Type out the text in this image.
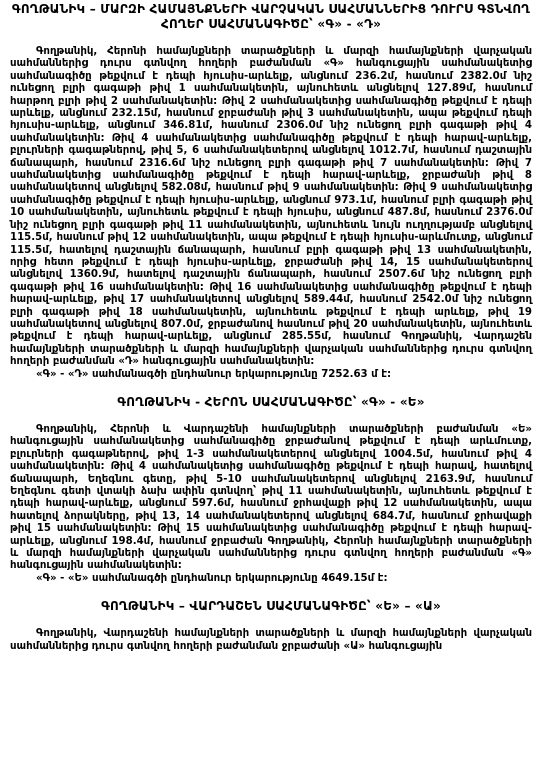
ԳՈՂԹԱՆԻԿ – ՄԱՐԶԻ ՀԱՄԱՅՆՔՆԵՐԻ ՎԱՐՉԱԿԱՆ ՍԱՀՄԱՆՆԵՐԻՑ ԴՈՒՐՍ ԳՏՆՎՈՂ ՀՈՂԵՐ ՍԱՀՄԱՆԱԳԻԾԸ՝ «Գ» - «Դ»

Գողթանիկ, Հերոնի համայնքների տարածքների և մարզի համայնքների վարչական սահմաններից դուրս գտնվող հողերի բաժանման «Գ» հանգուցային սահմանակետից սահմանագիծը թեքվում է դեպի հյուսիս-արևելք, անցնում 236.2մ, հասնում 2382.0մ նիշ ունեցող բլրի գագաթի թիվ 1 սահմանակետին, այնուհետև անցնելով 127.89մ, հասնում հարթող բլրի թիվ 2 սահմանակետին: Թիվ 2 սահմանակետից սահմանագիծը թեքվում է դեպի արևելք, անցնում 232.15մ, հասնում ջրբաժանի թիվ 3 սահմանակետին, ապա թեքվում դեպի հյուսիս-արևելք, անցնում 346.81մ, հասնում 2306.0մ նիշ ունեցող բլրի գագաթի թիվ 4 սահմանակետին: Թիվ 4 սահմանակետից սահմանագիծը թեքվում է դեպի հարավ-արևելք, բլուրների գագաթներով, թիվ 5, 6 սահմանակետերով անցնելով 1012.7մ, հասնում դաշտային ճանապարհ, հասնում 2316.6մ նիշ ունեցող բլրի գագաթի թիվ 7 սահմանակետին: Թիվ 7 սահմանակետից սահմանագիծը թեքվում է դեպի հարավ-արևելք, ջրբաժանի թիվ 8 սահմանակետով անցնելով 582.08մ, հասնում թիվ 9 սահմանակետին: Թիվ 9 սահմանակետից սահմանագիծը թեքվում է դեպի հյուսիս-արևելք, անցնում 973.1մ, հասնում բլրի գագաթի թիվ 10 սահմանակետին, այնուհետև թեքվում է դեպի հյուսիս, անցնում 487.8մ, հասնում 2376.0մ նիշ ունեցող բլրի գագաթի թիվ 11 սահմանակետին, այնուհետև նույն ուղղությամբ անցնելով 115.5մ, հասնում թիվ 12 սահմանակետին, ապա թեքվում է դեպի հյուսիս-արևմուտք, անցնում 115.5մ, հատելով դաշտային ճանապարհ, հասնում բլրի գագաթի թիվ 13 սահմանակետին, որից հետո թեքվում է դեպի հյուսիս-արևելք, ջրբաժանի թիվ 14, 15 սահմանակետերով անցնելով 1360.9մ, հատելով դաշտային ճանապարհ, հասնում 2507.6մ նիշ ունեցող բլրի գագաթի թիվ 16 սահմանակետին: Թիվ 16 սահմանակետից սահմանագիծը թեքվում է դեպի հարավ-արևելք, թիվ 17 սահմանակետով անցնելով 589.44մ, հասնում 2542.0մ նիշ ունեցող բլրի գագաթի թիվ 18 սահմանակետին, այնուհետև թեքվում է դեպի արևելք, թիվ 19 սահմանակետով անցնելով 807.0մ, ջրբաժանով հասնում թիվ 20 սահմանակետին, այնուհետև թեքվում է դեպի հարավ-արևելք, անցնում 285.55մ, հասնում Գողթանիկ, Վարդաշեն համայնքների տարածքների և մարզի համայնքների վարչական սահմաններից դուրս գտնվող հողերի բաժանման «Դ» հանգուցային սահմանակետին:

«Գ» - «Դ» սահմանագծի ընդհանուր երկարությունը 7252.63 մ է:

ԳՈՂԹԱՆԻԿ - ՀԵՐՈՆ ՍԱՀՄԱՆԱԳԻԾԸ՝ «Գ» - «Ե»

Գողթանիկ, Հերոնի և Վարդաշենի համայնքների տարածքների բաժանման «Ե» հանգուցային սահմանակետից սահմանագիծը ջրբաժանով թեքվում է դեպի արևմուտք, բլուրների գագաթներով, թիվ 1-3 սահմանակետերով անցնելով 1004.5մ, հասնում թիվ 4 սահմանակետին: Թիվ 4 սահմանակետից սահմանագիծը թեքվում է դեպի հարավ, հատելով ճանապարհ, Եղեգնու գետը, թիվ 5-10 սահմանակետերով անցնելով 2163.9մ, հասնում Եղեգնու գետի վտակի ձախ ափին գտնվող՝ թիվ 11 սահմանակետին, այնուհետև թեքվում է դեպի հարավ-արևելք, անցնում 597.6մ, հասնում ջրհավաքի թիվ 12 սահմանակետին, ապա հատելով ձորակները, թիվ 13, 14 սահմանակետերով անցնելով 684.7մ, հասնում ջրհավաքի թիվ 15 սահմանակետին: Թիվ 15 սահմանակետից սահմանագիծը թեքվում է դեպի հարավ-արևելք, անցնում 198.4մ, հասնում ջրբաժան Գողթանիկ, Հերոնի համայնքների տարածքների և մարզի համայնքների վարչական սահմաններից դուրս գտնվող հողերի բաժանման «Գ» հանգուցային սահմանակետին:

«Գ» - «Ե» սահմանագծի ընդհանուր երկարությունը 4649.15մ է:

ԳՈՂԹԱՆԻԿ – ՎԱՐԴԱՇԵՆ ՍԱՀՄԱՆԱԳԻԾԸ՝ «Ե» – «Ա»

Գողթանիկ, Վարդաշենի համայնքների տարածքների և մարզի համայնքների վարչական սահմաններից դուրս գտնվող հողերի բաժանման ջրբաժանի «Ա» հանգուցային
